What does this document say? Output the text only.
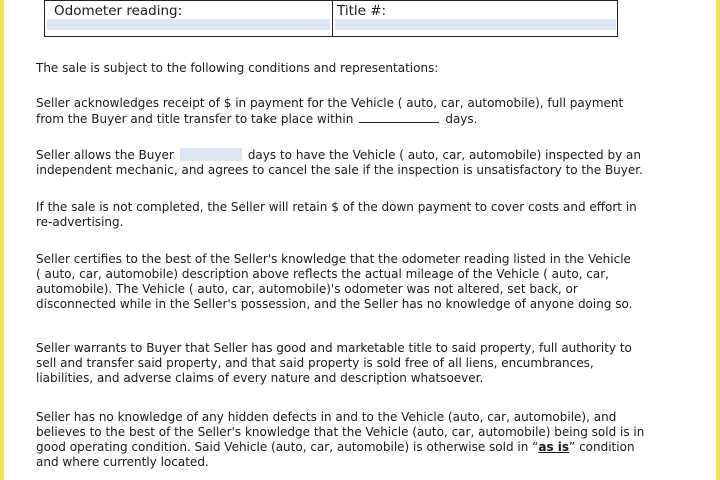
Odometer reading:	Title #:

The sale is subject to the following conditions and representations:

Seller acknowledges receipt of $ in payment for the Vehicle ( auto, car, automobile), full payment

from the Buyer and title transfer to take place within	days.

Seller allows the Buyer	days to have the Vehicle ( auto, car, automobile) inspected by an

independent mechanic, and agrees to cancel the sale if the inspection is unsatisfactory to the Buyer.

If the sale is not completed, the Seller will retain $ of the down payment to cover costs and effort in

re-advertising.

Seller certifies to the best of the Seller's knowledge that the odometer reading listed in the Vehicle

( auto, car, automobile) description above reflects the actual mileage of the Vehicle ( auto, car,

automobile). The Vehicle ( auto, car, automobile)'s odometer was not altered, set back, or

disconnected while in the Seller's possession, and the Seller has no knowledge of anyone doing so.

Seller warrants to Buyer that Seller has good and marketable title to said property, full authority to

sell and transfer said property, and that said property is sold free of all liens, encumbrances,

liabilities, and adverse claims of every nature and description whatsoever.

Seller has no knowledge of any hidden defects in and to the Vehicle (auto, car, automobile), and

believes to the best of the Seller's knowledge that the Vehicle (auto, car, automobile) being sold is in

good operating condition. Said Vehicle (auto, car, automobile) is otherwise sold in “as is” condition

and where currently located.
